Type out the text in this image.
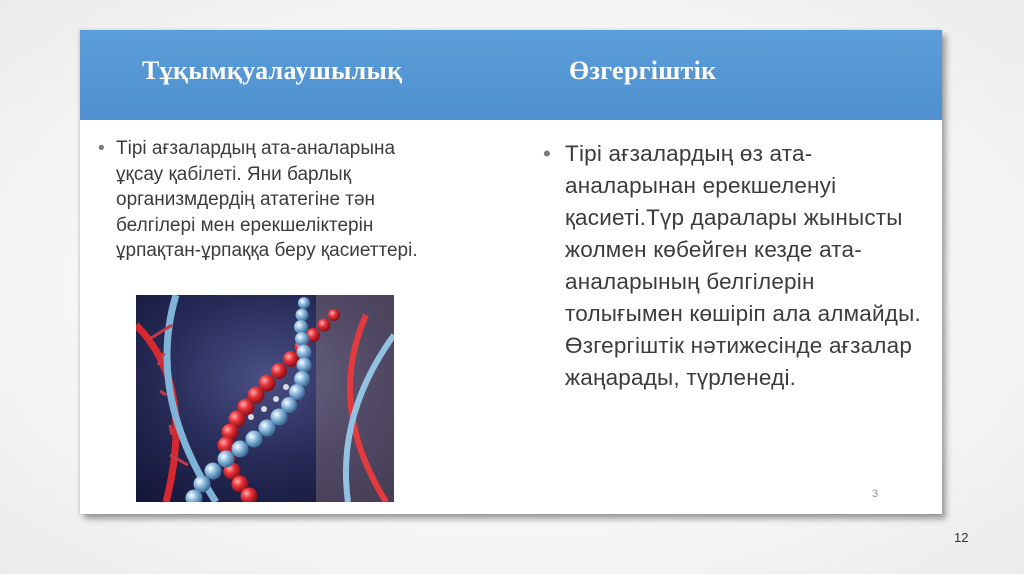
Тұқымқуалаушылық	Өзгергіштік
• Тірі ағзалардың ата-аналарына ұқсау қабілеті. Яни барлық организмдердің ататегіне тән белгілері мен ерекшеліктерін ұрпақтан-ұрпаққа беру қасиеттері.
• Тірі ағзалардың өз ата-аналарынан ерекшеленуі қасиеті.Түр даралары жынысты жолмен көбейген кезде ата-аналарының белгілерін толығымен көшіріп ала алмайды. Өзгергіштік нәтижесінде ағзалар жаңарады, түрленеді.
3
12
